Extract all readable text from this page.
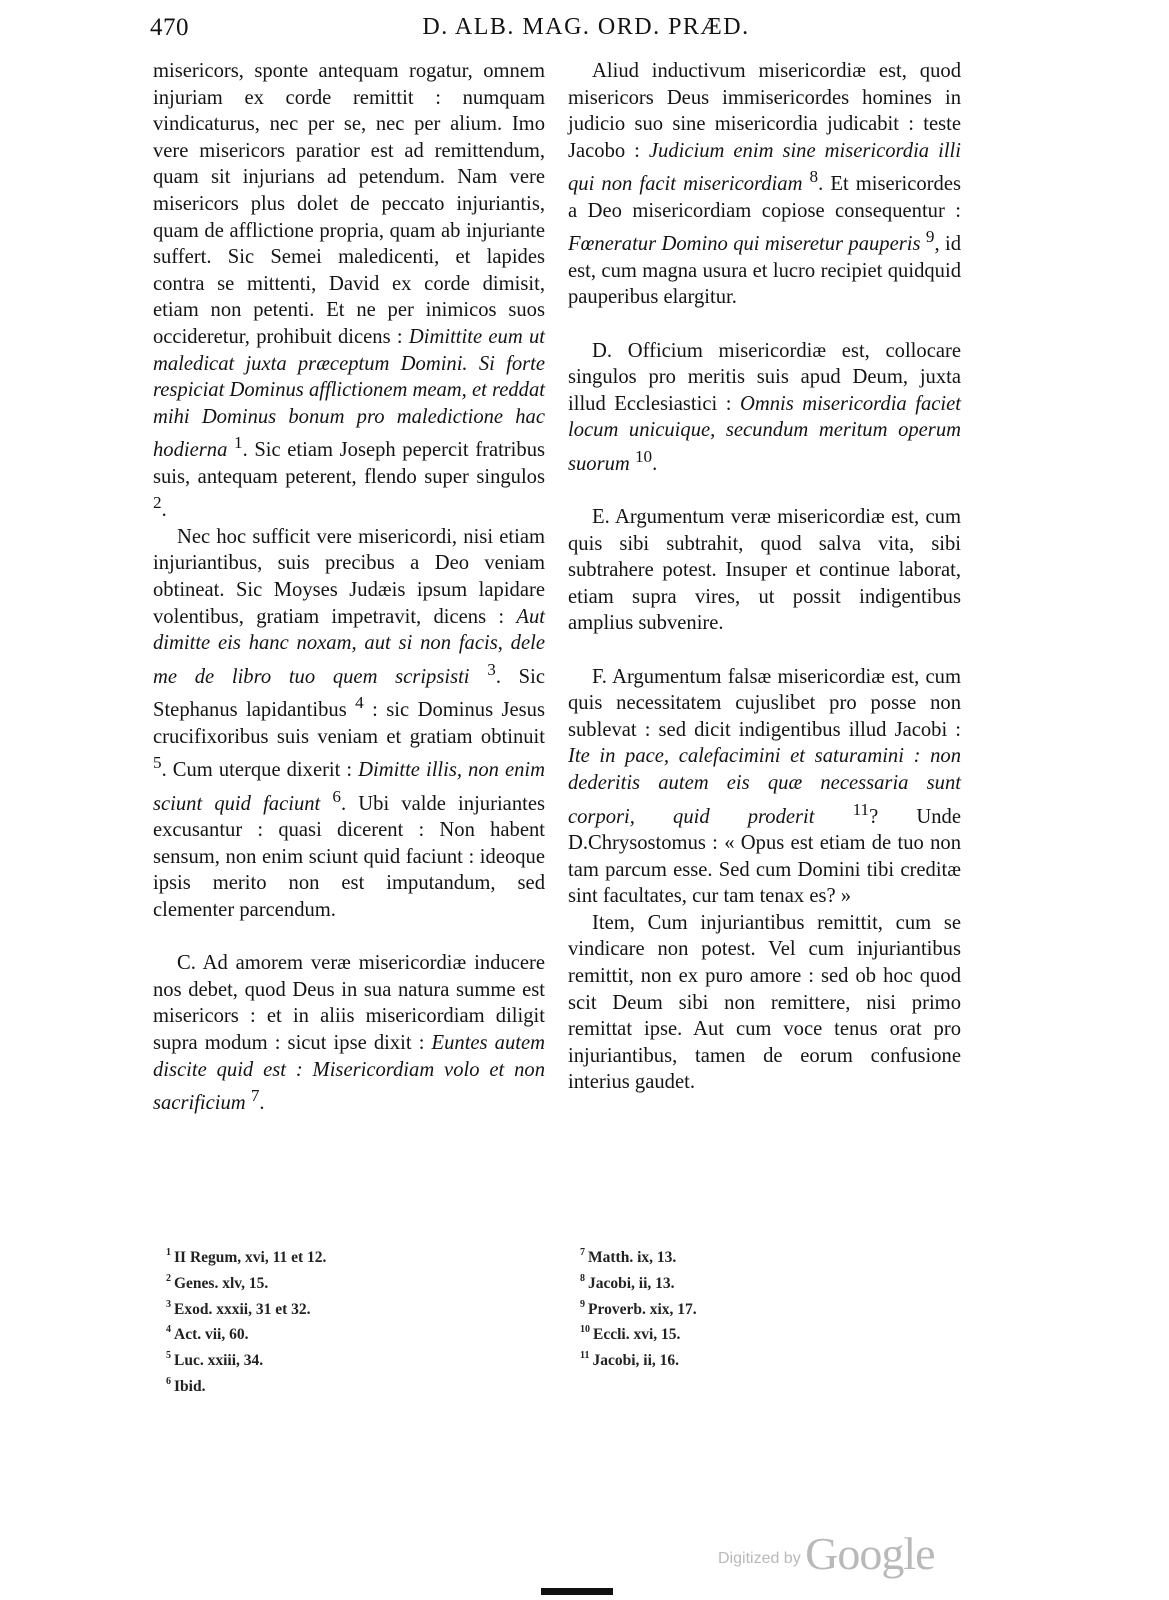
470	D. ALB. MAG. ORD. PRÆD.

misericors, sponte antequam rogatur, omnem injuriam ex corde remittit : numquam vindicaturus, nec per se, nec per alium. Imo vere misericors paratior est ad remittendum, quam sit injurians ad petendum. Nam vere misericors plus dolet de peccato injuriantis, quam de afflictione propria, quam ab injuriante suffert. Sic Semei maledicenti, et lapides contra se mittenti, David ex corde dimisit, etiam non petenti. Et ne per inimicos suos occideretur, prohibuit dicens : Dimittite eum ut maledicat juxta præceptum Domini. Si forte respiciat Dominus afflictionem meam, et reddat mihi Dominus bonum pro maledictione hac hodierna $^1$. Sic etiam Joseph pepercit fratribus suis, antequam peterent, flendo super singulos $^2$.

Nec hoc sufficit vere misericordi, nisi etiam injuriantibus, suis precibus a Deo veniam obtineat. Sic Moyses Judæis ipsum lapidare volentibus, gratiam impetravit, dicens : Aut dimitte eis hanc noxam, aut si non facis, dele me de libro tuo quem scripsisti $^3$. Sic Stephanus lapidantibus $^4$ : sic Dominus Jesus crucifixoribus suis veniam et gratiam obtinuit $^5$. Cum uterque dixerit : Dimitte illis, non enim sciunt quid faciunt $^6$. Ubi valde injuriantes excusantur : quasi dicerent : Non habent sensum, non enim sciunt quid faciunt : ideoque ipsis merito non est imputandum, sed clementer parcendum.

C. Ad amorem veræ misericordiæ inducere nos debet, quod Deus in sua natura summe est misericors : et in aliis misericordiam diligit supra modum : sicut ipse dixit : Euntes autem discite quid est : Misericordiam volo et non sacrificium $^7$.

Aliud inductivum misericordiæ est, quod misericors Deus immisericordes homines in judicio suo sine misericordia judicabit : teste Jacobo : Judicium enim sine misericordia illi qui non facit misericordiam $^8$. Et misericordes a Deo misericordiam copiose consequentur : Fœneratur Domino qui miseretur pauperis $^9$, id est, cum magna usura et lucro recipiet quidquid pauperibus elargitur.

D. Officium misericordiæ est, collocare singulos pro meritis suis apud Deum, juxta illud Ecclesiastici : Omnis misericordia faciet locum unicuique, secundum meritum operum suorum $^{10}$.

E. Argumentum veræ misericordiæ est, cum quis sibi subtrahit, quod salva vita, sibi subtrahere potest. Insuper et continue laborat, etiam supra vires, ut possit indigentibus amplius subvenire.

F. Argumentum falsæ misericordiæ est, cum quis necessitatem cujuslibet pro posse non sublevat : sed dicit indigentibus illud Jacobi : Ite in pace, calefacimini et saturamini : non dederitis autem eis quæ necessaria sunt corpori, quid proderit $^{11}$? Unde D.Chrysostomus : « Opus est etiam de tuo non tam parcum esse. Sed cum Domini tibi creditæ sint facultates, cur tam tenax es? »

Item, Cum injuriantibus remittit, cum se vindicare non potest. Vel cum injuriantibus remittit, non ex puro amore : sed ob hoc quod scit Deum sibi non remittere, nisi primo remittat ipse. Aut cum voce tenus orat pro injuriantibus, tamen de eorum confusione interius gaudet.

$^1$ II Regum, xvi, 11 et 12.
$^2$ Genes. xlv, 15.
$^3$ Exod. xxxii, 31 et 32.
$^4$ Act. vii, 60.
$^5$ Luc. xxiii, 34.
$^6$ Ibid.
$^7$ Matth. ix, 13.
$^8$ Jacobi, ii, 13.
$^9$ Proverb. xix, 17.
$^{10}$ Eccli. xvi, 15.
$^{11}$ Jacobi, ii, 16.
Digitized by Google
